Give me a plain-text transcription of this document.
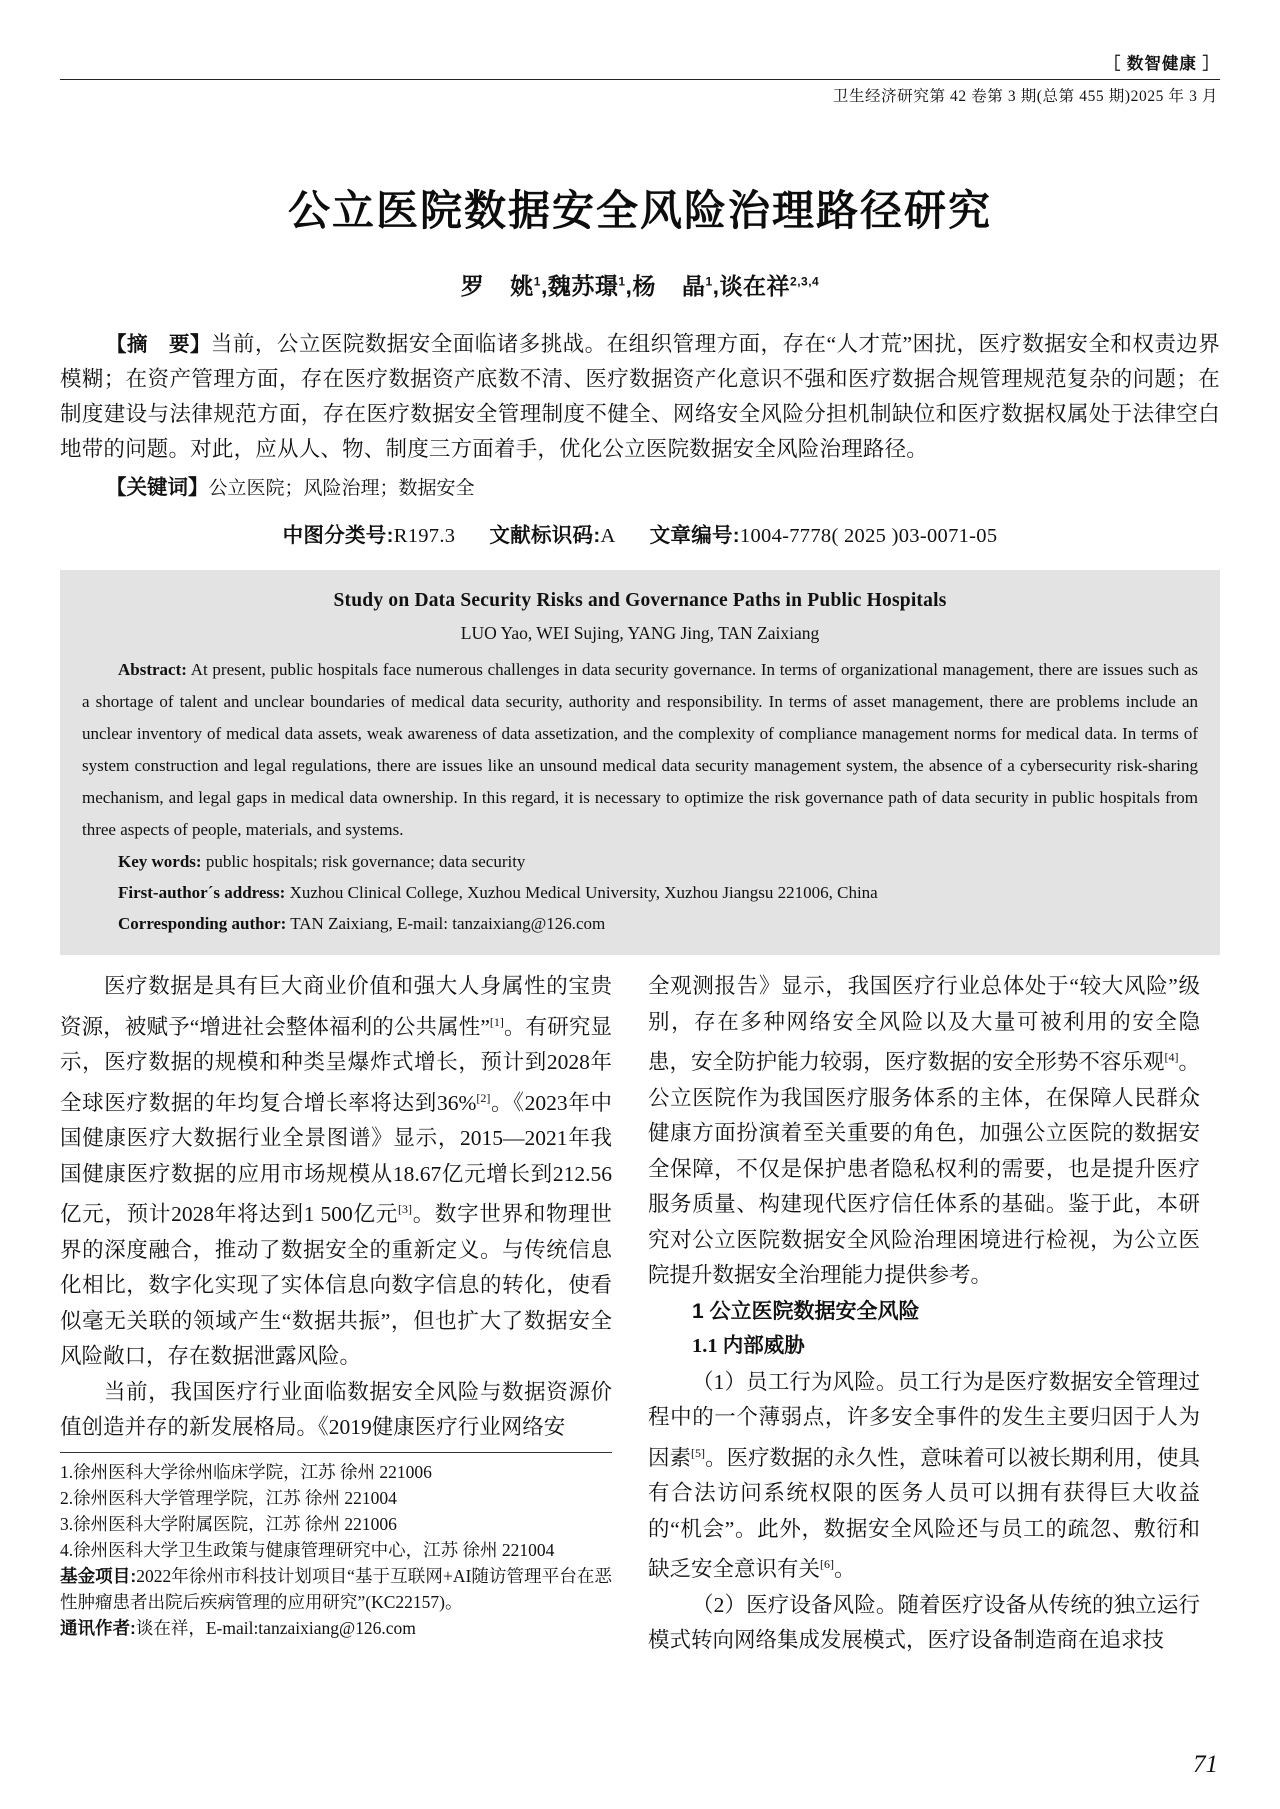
［ 数智健康 ］
卫生经济研究第 42 卷第 3 期(总第 455 期)2025 年 3 月
公立医院数据安全风险治理路径研究
罗 姚$^1$,魏苏璟$^1$,杨 晶$^1$,谈在祥$^{2,3,4}$
【摘　要】当前，公立医院数据安全面临诸多挑战。在组织管理方面，存在“人才荒”困扰，医疗数据安全和权责边界模糊；在资产管理方面，存在医疗数据资产底数不清、医疗数据资产化意识不强和医疗数据合规管理规范复杂的问题；在制度建设与法律规范方面，存在医疗数据安全管理制度不健全、网络安全风险分担机制缺位和医疗数据权属处于法律空白地带的问题。对此，应从人、物、制度三方面着手，优化公立医院数据安全风险治理路径。
【关键词】公立医院；风险治理；数据安全
中图分类号:R197.3 文献标识码:A 文章编号:1004-7778( 2025 )03-0071-05
Study on Data Security Risks and Governance Paths in Public Hospitals
LUO Yao, WEI Sujing, YANG Jing, TAN Zaixiang
Abstract: At present, public hospitals face numerous challenges in data security governance. In terms of organizational management, there are issues such as a shortage of talent and unclear boundaries of medical data security, authority and responsibility. In terms of asset management, there are problems include an unclear inventory of medical data assets, weak awareness of data assetization, and the complexity of compliance management norms for medical data. In terms of system construction and legal regulations, there are issues like an unsound medical data security management system, the absence of a cybersecurity risk-sharing mechanism, and legal gaps in medical data ownership. In this regard, it is necessary to optimize the risk governance path of data security in public hospitals from three aspects of people, materials, and systems.
Key words: public hospitals; risk governance; data security
First-author´s address: Xuzhou Clinical College, Xuzhou Medical University, Xuzhou Jiangsu 221006, China
Corresponding author: TAN Zaixiang, E-mail: tanzaixiang@126.com

医疗数据是具有巨大商业价值和强大人身属性的宝贵资源，被赋予“增进社会整体福利的公共属性”[1]。有研究显示，医疗数据的规模和种类呈爆炸式增长，预计到2028年全球医疗数据的年均复合增长率将达到36%[2]。《2023年中国健康医疗大数据行业全景图谱》显示，2015—2021年我国健康医疗数据的应用市场规模从18.67亿元增长到212.56 亿元，预计2028年将达到1 500亿元[3]。数字世界和物理世界的深度融合，推动了数据安全的重新定义。与传统信息化相比，数字化实现了实体信息向数字信息的转化，使看似毫无关联的领域产生“数据共振”，但也扩大了数据安全风险敞口，存在数据泄露风险。

当前，我国医疗行业面临数据安全风险与数据资源价值创造并存的新发展格局。《2019健康医疗行业网络安

1.徐州医科大学徐州临床学院，江苏 徐州 221006
2.徐州医科大学管理学院，江苏 徐州 221004
3.徐州医科大学附属医院，江苏 徐州 221006
4.徐州医科大学卫生政策与健康管理研究中心，江苏 徐州 221004
基金项目:2022年徐州市科技计划项目“基于互联网+AI随访管理平台在恶性肿瘤患者出院后疾病管理的应用研究”(KC22157)。
通讯作者:谈在祥，E-mail:tanzaixiang@126.com

全观测报告》显示，我国医疗行业总体处于“较大风险”级别，存在多种网络安全风险以及大量可被利用的安全隐患，安全防护能力较弱，医疗数据的安全形势不容乐观[4]。公立医院作为我国医疗服务体系的主体，在保障人民群众健康方面扮演着至关重要的角色，加强公立医院的数据安全保障，不仅是保护患者隐私权利的需要，也是提升医疗服务质量、构建现代医疗信任体系的基础。鉴于此，本研究对公立医院数据安全风险治理困境进行检视，为公立医院提升数据安全治理能力提供参考。

1 公立医院数据安全风险

1.1 内部威胁

（1）员工行为风险。员工行为是医疗数据安全管理过程中的一个薄弱点，许多安全事件的发生主要归因于人为因素[5]。医疗数据的永久性，意味着可以被长期利用，使具有合法访问系统权限的医务人员可以拥有获得巨大收益的“机会”。此外，数据安全风险还与员工的疏忽、敷衍和缺乏安全意识有关[6]。

（2）医疗设备风险。随着医疗设备从传统的独立运行模式转向网络集成发展模式，医疗设备制造商在追求技

71
